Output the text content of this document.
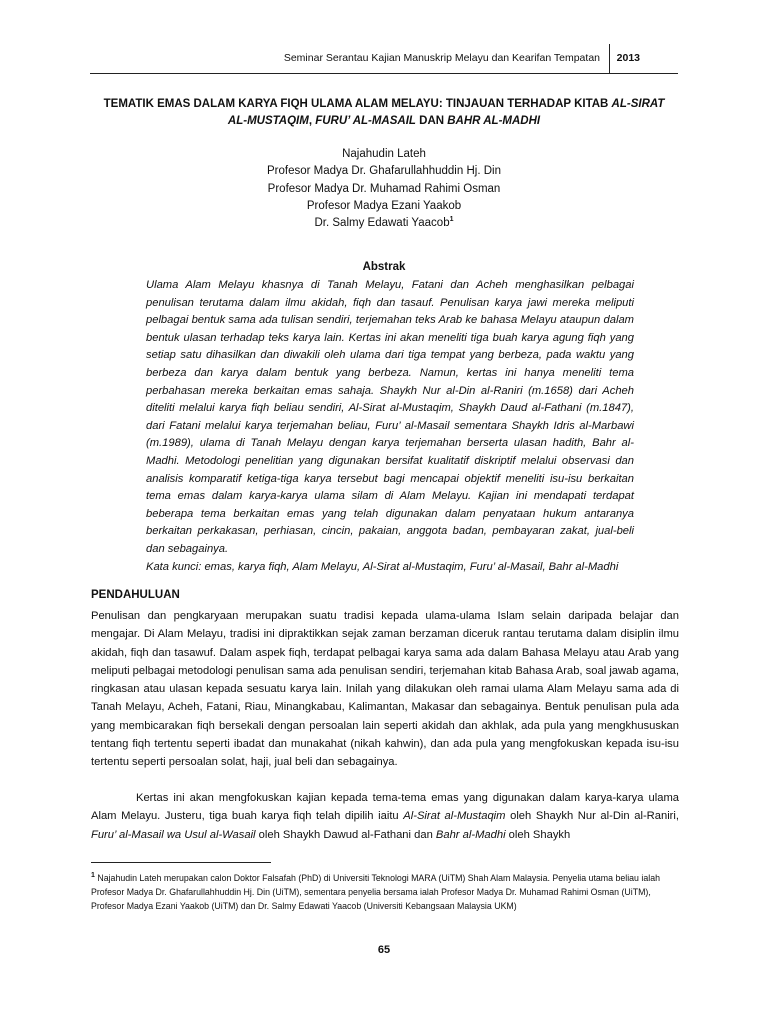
Seminar Serantau Kajian Manuskrip Melayu dan Kearifan Tempatan 2013
TEMATIK EMAS DALAM KARYA FIQH ULAMA ALAM MELAYU: TINJAUAN TERHADAP KITAB AL-SIRAT AL-MUSTAQIM, FURU’ AL-MASAIL DAN BAHR AL-MADHI
Najahudin Lateh
Profesor Madya Dr. Ghafarullahhuddin Hj. Din
Profesor Madya Dr. Muhamad Rahimi Osman
Profesor Madya Ezani Yaakob
Dr. Salmy Edawati Yaacob$^1$
Abstrak

Ulama Alam Melayu khasnya di Tanah Melayu, Fatani dan Acheh menghasilkan pelbagai penulisan terutama dalam ilmu akidah, fiqh dan tasauf. Penulisan karya jawi mereka meliputi pelbagai bentuk sama ada tulisan sendiri, terjemahan teks Arab ke bahasa Melayu ataupun dalam bentuk ulasan terhadap teks karya lain. Kertas ini akan meneliti tiga buah karya agung fiqh yang setiap satu dihasilkan dan diwakili oleh ulama dari tiga tempat yang berbeza, pada waktu yang berbeza dan karya dalam bentuk yang berbeza. Namun, kertas ini hanya meneliti tema perbahasan mereka berkaitan emas sahaja. Shaykh Nur al-Din al-Raniri (m.1658) dari Acheh diteliti melalui karya fiqh beliau sendiri, Al-Sirat al-Mustaqim, Shaykh Daud al-Fathani (m.1847), dari Fatani melalui karya terjemahan beliau, Furu’ al-Masail sementara Shaykh Idris al-Marbawi (m.1989), ulama di Tanah Melayu dengan karya terjemahan berserta ulasan hadith, Bahr al-Madhi. Metodologi penelitian yang digunakan bersifat kualitatif diskriptif melalui observasi dan analisis komparatif ketiga-tiga karya tersebut bagi mencapai objektif meneliti isu-isu berkaitan tema emas dalam karya-karya ulama silam di Alam Melayu. Kajian ini mendapati terdapat beberapa tema berkaitan emas yang telah digunakan dalam penyataan hukum antaranya berkaitan perkakasan, perhiasan, cincin, pakaian, anggota badan, pembayaran zakat, jual-beli dan sebagainya.
Kata kunci: emas, karya fiqh, Alam Melayu, Al-Sirat al-Mustaqim, Furu’ al-Masail, Bahr al-Madhi

PENDAHULUAN

Penulisan dan pengkaryaan merupakan suatu tradisi kepada ulama-ulama Islam selain daripada belajar dan mengajar. Di Alam Melayu, tradisi ini dipraktikkan sejak zaman berzaman diceruk rantau terutama dalam disiplin ilmu akidah, fiqh dan tasawuf. Dalam aspek fiqh, terdapat pelbagai karya sama ada dalam Bahasa Melayu atau Arab yang meliputi pelbagai metodologi penulisan sama ada penulisan sendiri, terjemahan kitab Bahasa Arab, soal jawab agama, ringkasan atau ulasan kepada sesuatu karya lain. Inilah yang dilakukan oleh ramai ulama Alam Melayu sama ada di Tanah Melayu, Acheh, Fatani, Riau, Minangkabau, Kalimantan, Makasar dan sebagainya. Bentuk penulisan pula ada yang membicarakan fiqh bersekali dengan persoalan lain seperti akidah dan akhlak, ada pula yang mengkhususkan tentang fiqh tertentu seperti ibadat dan munakahat (nikah kahwin), dan ada pula yang mengfokuskan kepada isu-isu tertentu seperti persoalan solat, haji, jual beli dan sebagainya.

Kertas ini akan mengfokuskan kajian kepada tema-tema emas yang digunakan dalam karya-karya ulama Alam Melayu. Justeru, tiga buah karya fiqh telah dipilih iaitu Al-Sirat al-Mustaqim oleh Shaykh Nur al-Din al-Raniri, Furu’ al-Masail wa Usul al-Wasail oleh Shaykh Dawud al-Fathani dan Bahr al-Madhi oleh Shaykh

$^1$ Najahudin Lateh merupakan calon Doktor Falsafah (PhD) di Universiti Teknologi MARA (UiTM) Shah Alam Malaysia. Penyelia utama beliau ialah Profesor Madya Dr. Ghafarullahhuddin Hj. Din (UiTM), sementara penyelia bersama ialah Profesor Madya Dr. Muhamad Rahimi Osman (UiTM), Profesor Madya Ezani Yaakob (UiTM) dan Dr. Salmy Edawati Yaacob (Universiti Kebangsaan Malaysia UKM)

65
